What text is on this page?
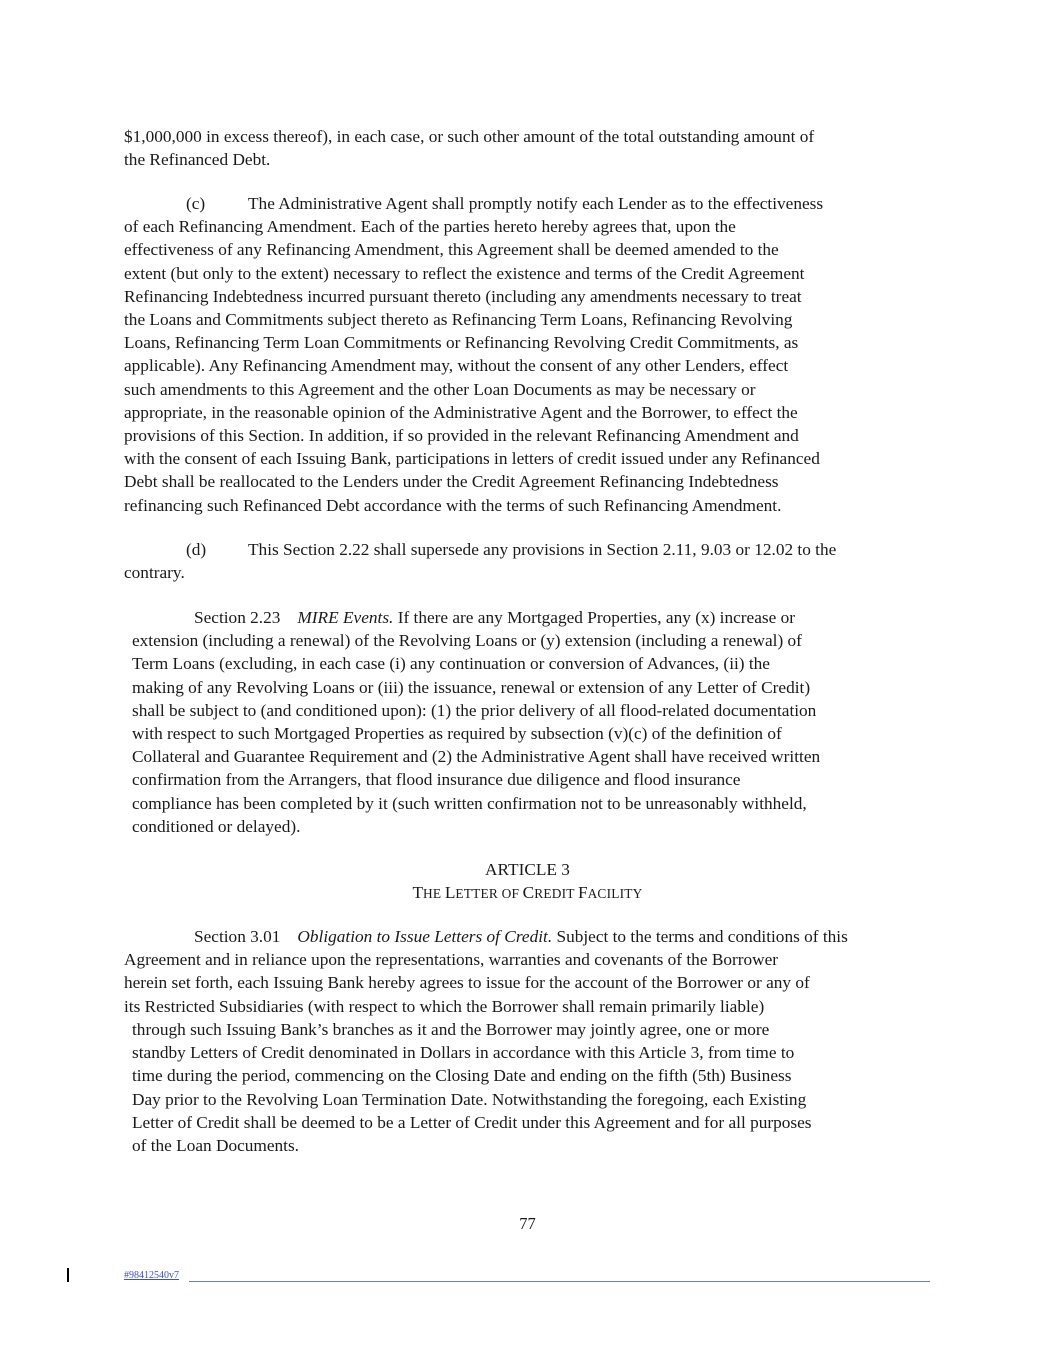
$1,000,000 in excess thereof), in each case, or such other amount of the total outstanding amount of
the Refinanced Debt.

(c) The Administrative Agent shall promptly notify each Lender as to the effectiveness
of each Refinancing Amendment. Each of the parties hereto hereby agrees that, upon the
effectiveness of any Refinancing Amendment, this Agreement shall be deemed amended to the
extent (but only to the extent) necessary to reflect the existence and terms of the Credit Agreement
Refinancing Indebtedness incurred pursuant thereto (including any amendments necessary to treat
the Loans and Commitments subject thereto as Refinancing Term Loans, Refinancing Revolving
Loans, Refinancing Term Loan Commitments or Refinancing Revolving Credit Commitments, as
applicable). Any Refinancing Amendment may, without the consent of any other Lenders, effect
such amendments to this Agreement and the other Loan Documents as may be necessary or
appropriate, in the reasonable opinion of the Administrative Agent and the Borrower, to effect the
provisions of this Section. In addition, if so provided in the relevant Refinancing Amendment and
with the consent of each Issuing Bank, participations in letters of credit issued under any Refinanced
Debt shall be reallocated to the Lenders under the Credit Agreement Refinancing Indebtedness
refinancing such Refinanced Debt accordance with the terms of such Refinancing Amendment.

(d) This Section 2.22 shall supersede any provisions in Section 2.11, 9.03 or 12.02 to the
contrary.

Section 2.23 MIRE Events. If there are any Mortgaged Properties, any (x) increase or
extension (including a renewal) of the Revolving Loans or (y) extension (including a renewal) of
Term Loans (excluding, in each case (i) any continuation or conversion of Advances, (ii) the
making of any Revolving Loans or (iii) the issuance, renewal or extension of any Letter of Credit)
shall be subject to (and conditioned upon): (1) the prior delivery of all flood-related documentation
with respect to such Mortgaged Properties as required by subsection (v)(c) of the definition of
Collateral and Guarantee Requirement and (2) the Administrative Agent shall have received written
confirmation from the Arrangers, that flood insurance due diligence and flood insurance
compliance has been completed by it (such written confirmation not to be unreasonably withheld,
conditioned or delayed).

ARTICLE 3
THE LETTER OF CREDIT FACILITY

Section 3.01 Obligation to Issue Letters of Credit. Subject to the terms and conditions of this
Agreement and in reliance upon the representations, warranties and covenants of the Borrower
herein set forth, each Issuing Bank hereby agrees to issue for the account of the Borrower or any of
its Restricted Subsidiaries (with respect to which the Borrower shall remain primarily liable)

through such Issuing Bank’s branches as it and the Borrower may jointly agree, one or more
standby Letters of Credit denominated in Dollars in accordance with this Article 3, from time to
time during the period, commencing on the Closing Date and ending on the fifth (5th) Business
Day prior to the Revolving Loan Termination Date. Notwithstanding the foregoing, each Existing
Letter of Credit shall be deemed to be a Letter of Credit under this Agreement and for all purposes
of the Loan Documents.

77
#98412540v7
